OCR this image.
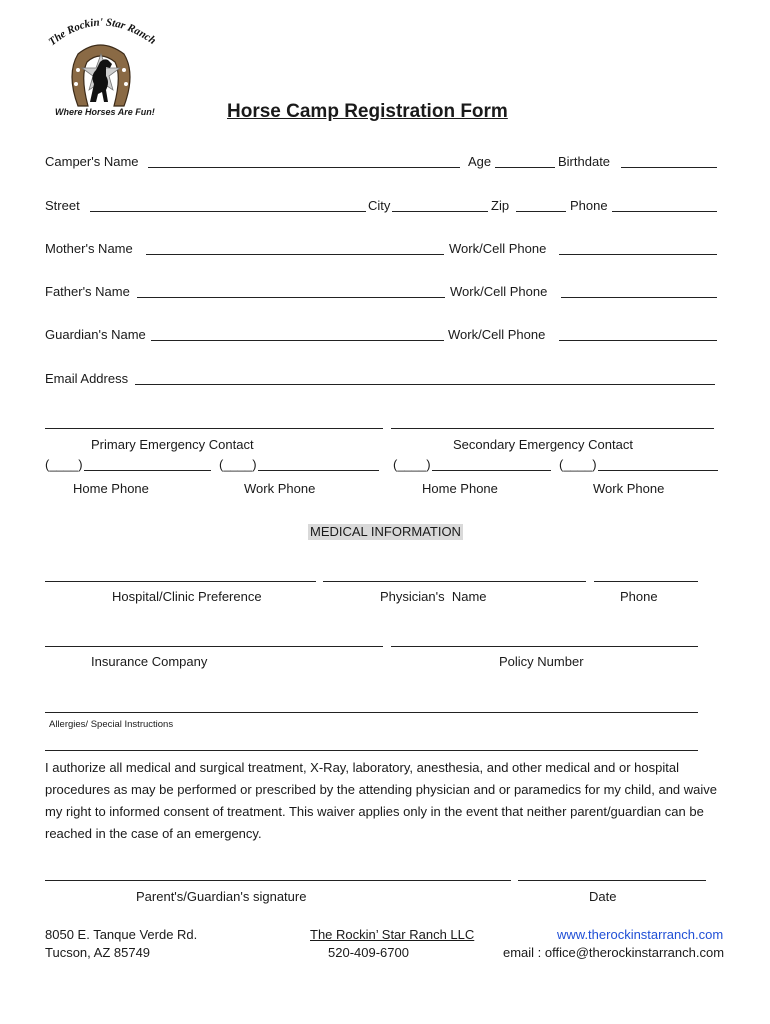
The Rockin' Star Ranch
Where Horses Are Fun!	Horse Camp Registration Form
Camper's Name	Age	Birthdate
Street	City	Zip	Phone
Mother's Name	Work/Cell Phone
Father's Name	Work/Cell Phone
Guardian's Name	Work/Cell Phone
Email Address
Primary Emergency Contact	Secondary Emergency Contact
(____)	(____)	(____)	(____)
Home Phone	Work Phone	Home Phone	Work Phone
MEDICAL INFORMATION
Hospital/Clinic Preference	Physician's  Name	Phone
Insurance Company	Policy Number
Allergies/ Special Instructions
I authorize all medical and surgical treatment, X-Ray, laboratory, anesthesia, and other medical and or hospital procedures as may be performed or prescribed by the attending physician and or paramedics for my child, and waive my right to informed consent of treatment. This waiver applies only in the event that neither parent/guardian can be reached in the case of an emergency.
Parent's/Guardian's signature	Date
8050 E. Tanque Verde Rd.
Tucson, AZ 85749
The Rockin’ Star Ranch LLC
520-409-6700
www.therockinstarranch.com
email : office@therockinstarranch.com
